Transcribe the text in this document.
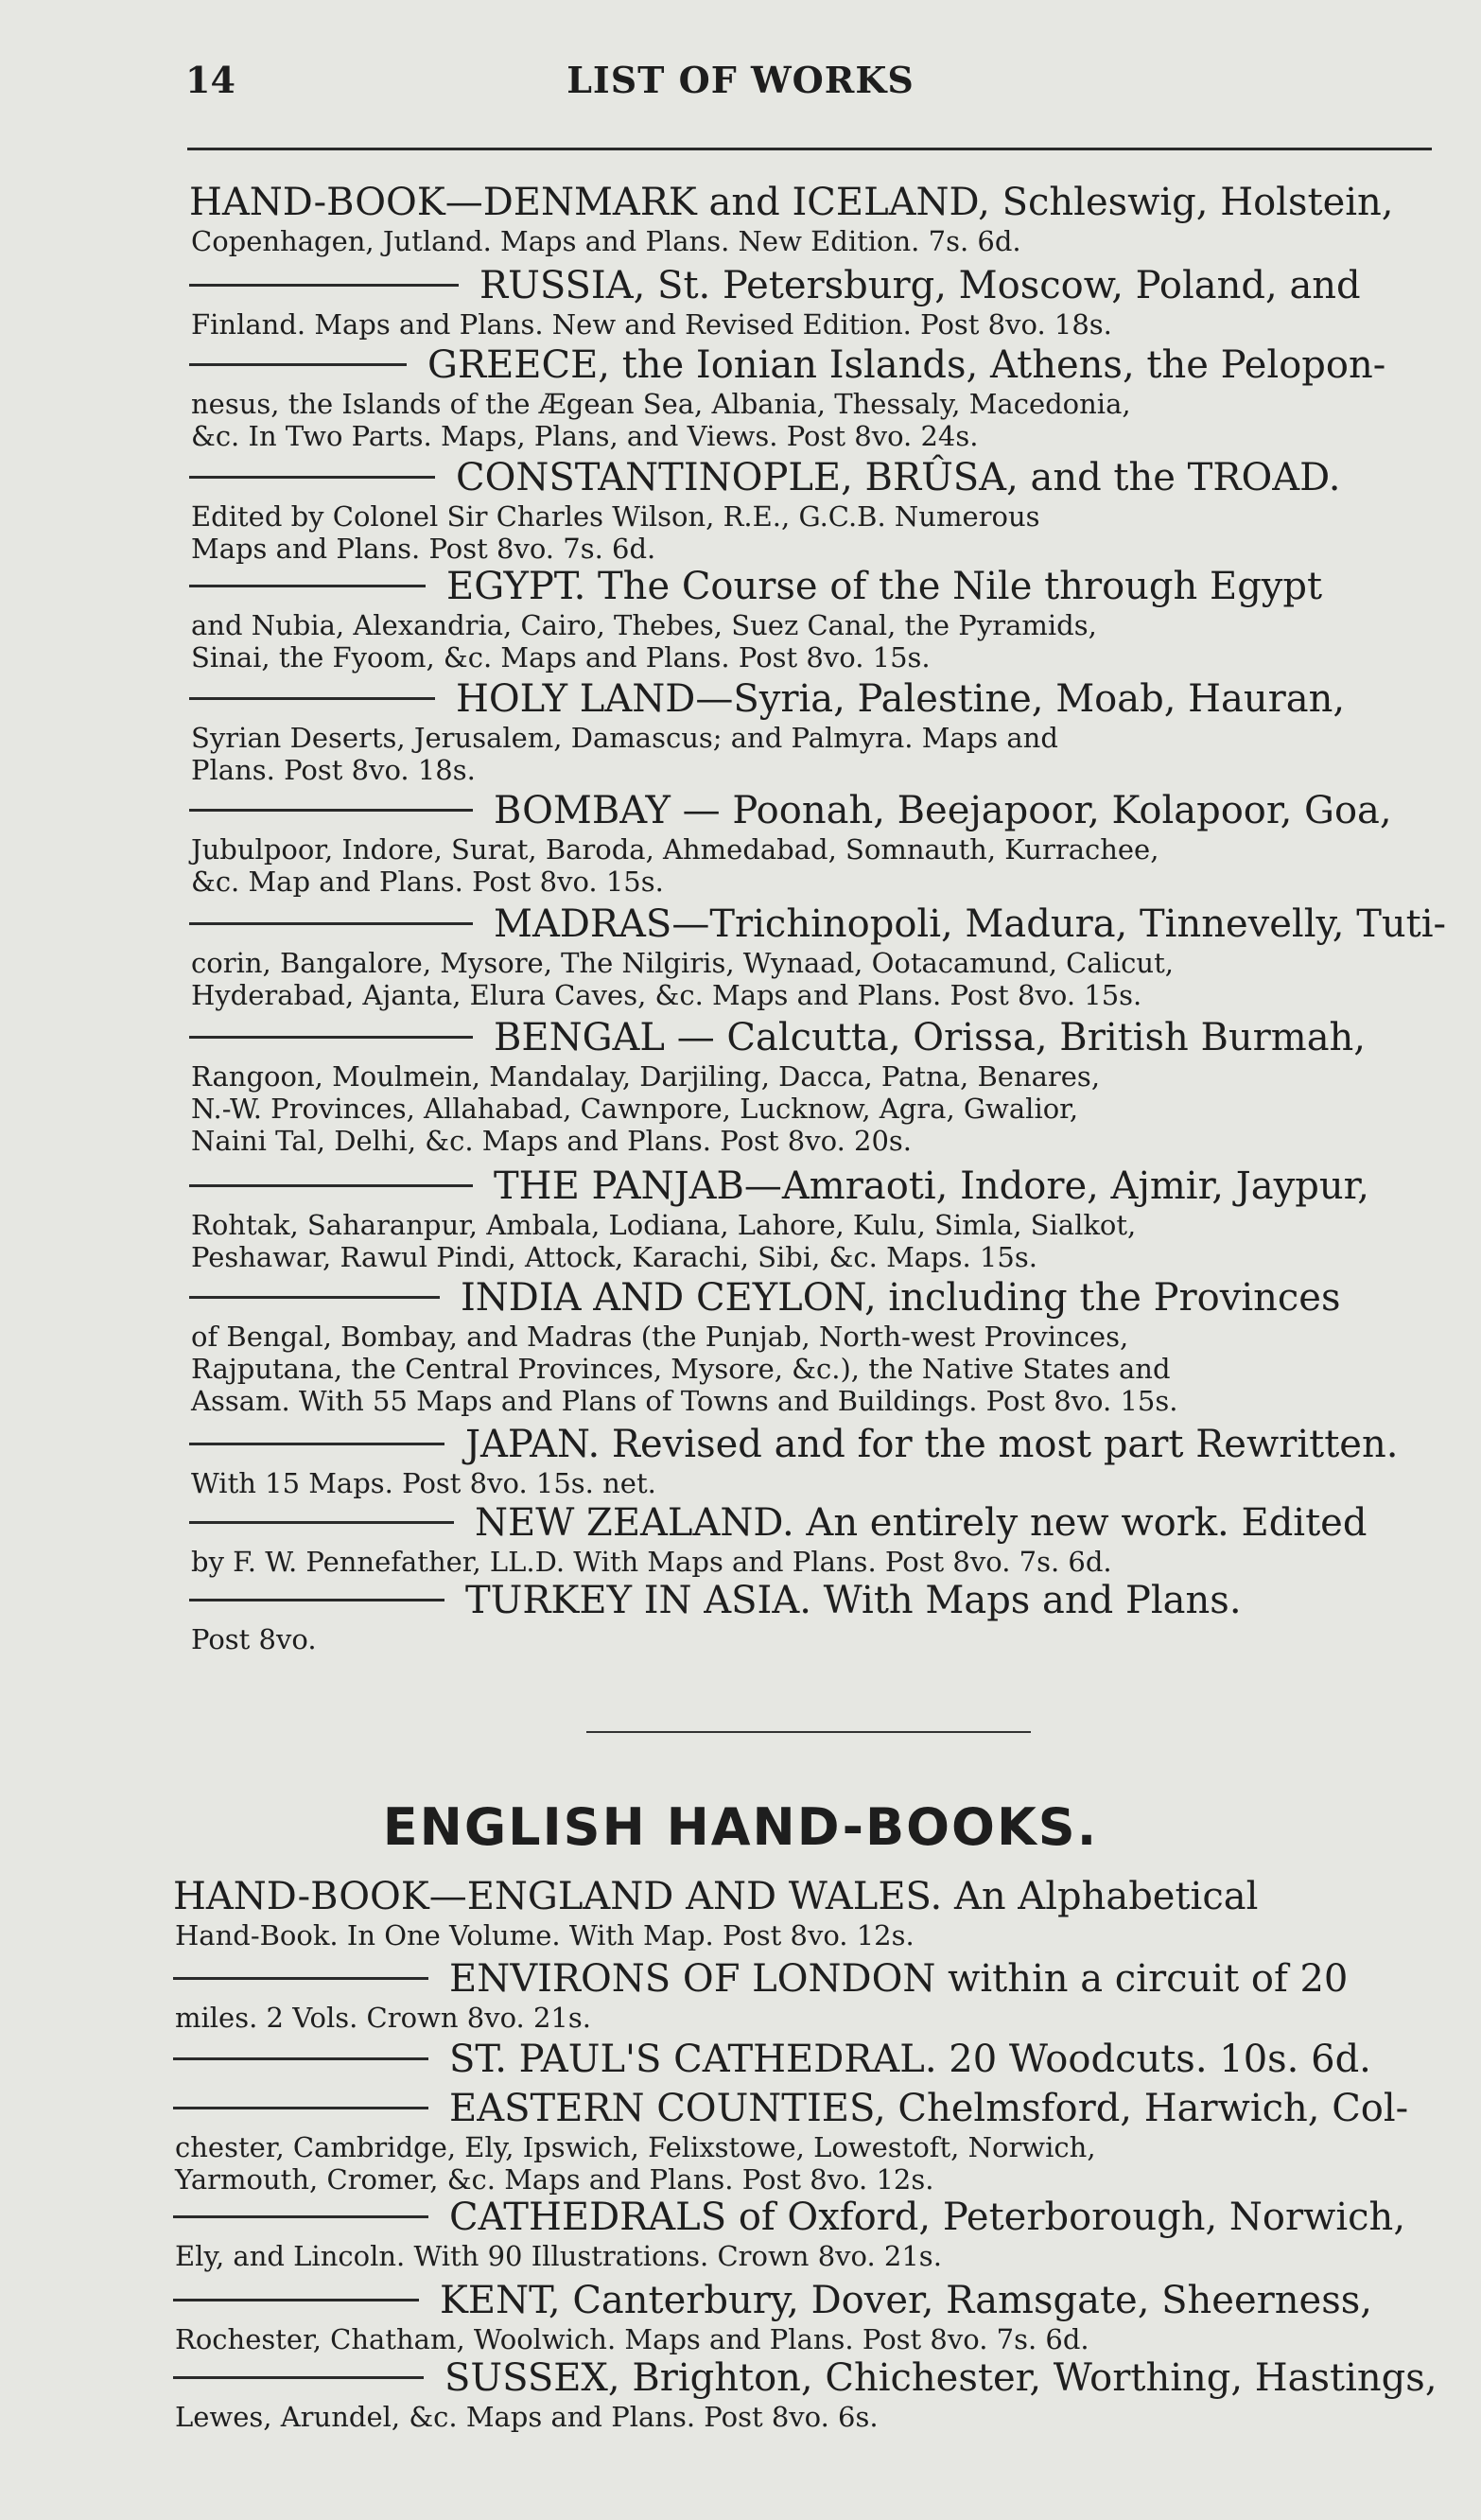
14	LIST OF WORKS
HAND-BOOK—DENMARK and ICELAND, Schleswig, Holstein,
Copenhagen, Jutland. Maps and Plans. New Edition. 7s. 6d.
RUSSIA, St. Petersburg, Moscow, Poland, and
Finland. Maps and Plans. New and Revised Edition. Post 8vo. 18s.
GREECE, the Ionian Islands, Athens, the Pelopon-
nesus, the Islands of the Ægean Sea, Albania, Thessaly, Macedonia,
&c. In Two Parts. Maps, Plans, and Views. Post 8vo. 24s.
CONSTANTINOPLE, BRÛSA, and the TROAD.
Edited by Colonel Sir Charles Wilson, R.E., G.C.B. Numerous
Maps and Plans. Post 8vo. 7s. 6d.
EGYPT. The Course of the Nile through Egypt
and Nubia, Alexandria, Cairo, Thebes, Suez Canal, the Pyramids,
Sinai, the Fyoom, &c. Maps and Plans. Post 8vo. 15s.
HOLY LAND—Syria, Palestine, Moab, Hauran,
Syrian Deserts, Jerusalem, Damascus; and Palmyra. Maps and
Plans. Post 8vo. 18s.
BOMBAY — Poonah, Beejapoor, Kolapoor, Goa,
Jubulpoor, Indore, Surat, Baroda, Ahmedabad, Somnauth, Kurrachee,
&c. Map and Plans. Post 8vo. 15s.
MADRAS—Trichinopoli, Madura, Tinnevelly, Tuti-
corin, Bangalore, Mysore, The Nilgiris, Wynaad, Ootacamund, Calicut,
Hyderabad, Ajanta, Elura Caves, &c. Maps and Plans. Post 8vo. 15s.
BENGAL — Calcutta, Orissa, British Burmah,
Rangoon, Moulmein, Mandalay, Darjiling, Dacca, Patna, Benares,
N.-W. Provinces, Allahabad, Cawnpore, Lucknow, Agra, Gwalior,
Naini Tal, Delhi, &c. Maps and Plans. Post 8vo. 20s.
THE PANJAB—Amraoti, Indore, Ajmir, Jaypur,
Rohtak, Saharanpur, Ambala, Lodiana, Lahore, Kulu, Simla, Sialkot,
Peshawar, Rawul Pindi, Attock, Karachi, Sibi, &c. Maps. 15s.
INDIA AND CEYLON, including the Provinces
of Bengal, Bombay, and Madras (the Punjab, North-west Provinces,
Rajputana, the Central Provinces, Mysore, &c.), the Native States and
Assam. With 55 Maps and Plans of Towns and Buildings. Post 8vo. 15s.
JAPAN. Revised and for the most part Rewritten.
With 15 Maps. Post 8vo. 15s. net.
NEW ZEALAND. An entirely new work. Edited
by F. W. Pennefather, LL.D. With Maps and Plans. Post 8vo. 7s. 6d.
TURKEY IN ASIA. With Maps and Plans.
Post 8vo.
ENGLISH HAND-BOOKS.
HAND-BOOK—ENGLAND AND WALES. An Alphabetical
Hand-Book. In One Volume. With Map. Post 8vo. 12s.
ENVIRONS OF LONDON within a circuit of 20
miles. 2 Vols. Crown 8vo. 21s.
ST. PAUL'S CATHEDRAL. 20 Woodcuts. 10s. 6d.
EASTERN COUNTIES, Chelmsford, Harwich, Col-
chester, Cambridge, Ely, Ipswich, Felixstowe, Lowestoft, Norwich,
Yarmouth, Cromer, &c. Maps and Plans. Post 8vo. 12s.
CATHEDRALS of Oxford, Peterborough, Norwich,
Ely, and Lincoln. With 90 Illustrations. Crown 8vo. 21s.
KENT, Canterbury, Dover, Ramsgate, Sheerness,
Rochester, Chatham, Woolwich. Maps and Plans. Post 8vo. 7s. 6d.
SUSSEX, Brighton, Chichester, Worthing, Hastings,
Lewes, Arundel, &c. Maps and Plans. Post 8vo. 6s.
